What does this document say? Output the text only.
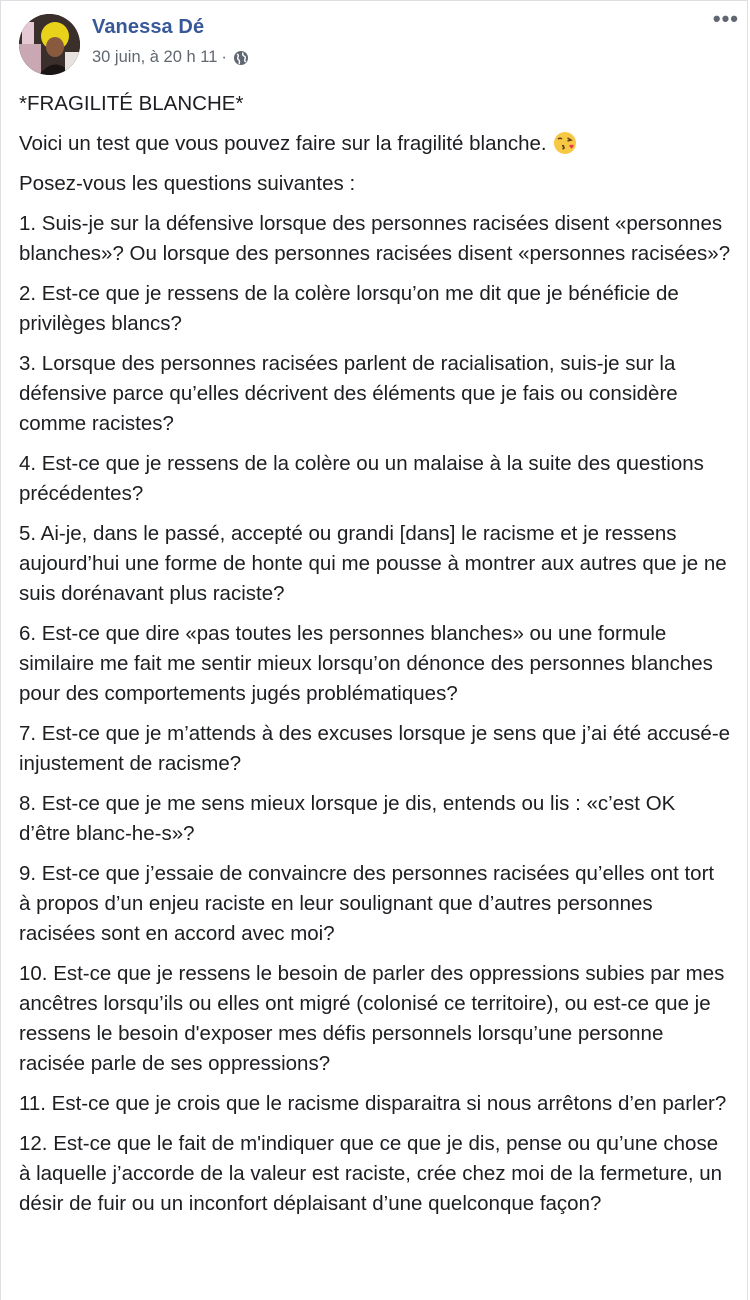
Vanessa Dé
30 juin, à 20 h 11 ·
•••

*FRAGILITÉ BLANCHE*

Voici un test que vous pouvez faire sur la fragilité blanche.

Posez-vous les questions suivantes :

1. Suis-je sur la défensive lorsque des personnes racisées disent «personnes blanches»? Ou lorsque des personnes racisées disent «personnes racisées»?

2. Est-ce que je ressens de la colère lorsqu’on me dit que je bénéficie de privilèges blancs?

3. Lorsque des personnes racisées parlent de racialisation, suis-je sur la défensive parce qu’elles décrivent des éléments que je fais ou considère comme racistes?

4. Est-ce que je ressens de la colère ou un malaise à la suite des questions précédentes?

5. Ai-je, dans le passé, accepté ou grandi [dans] le racisme et je ressens aujourd’hui une forme de honte qui me pousse à montrer aux autres que je ne suis dorénavant plus raciste?

6. Est-ce que dire «pas toutes les personnes blanches» ou une formule similaire me fait me sentir mieux lorsqu’on dénonce des personnes blanches pour des comportements jugés problématiques?

7. Est-ce que je m’attends à des excuses lorsque je sens que j’ai été accusé-e injustement de racisme?

8. Est-ce que je me sens mieux lorsque je dis, entends ou lis : «c’est OK d’être blanc-he-s»?

9. Est-ce que j’essaie de convaincre des personnes racisées qu’elles ont tort à propos d’un enjeu raciste en leur soulignant que d’autres personnes racisées sont en accord avec moi?

10. Est-ce que je ressens le besoin de parler des oppressions subies par mes ancêtres lorsqu’ils ou elles ont migré (colonisé ce territoire), ou est-ce que je ressens le besoin d'exposer mes défis personnels lorsqu’une personne racisée parle de ses oppressions?

11. Est-ce que je crois que le racisme disparaitra si nous arrêtons d’en parler?

12. Est-ce que le fait de m'indiquer que ce que je dis, pense ou qu’une chose à laquelle j’accorde de la valeur est raciste, crée chez moi de la fermeture, un désir de fuir ou un inconfort déplaisant d’une quelconque façon?
